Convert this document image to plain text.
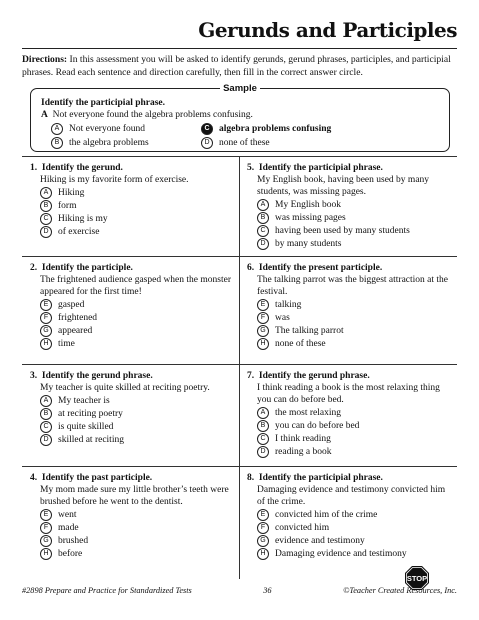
Gerunds and Participles
Directions: In this assessment you will be asked to identify gerunds, gerund phrases, participles, and participial phrases. Read each sentence and direction carefully, then fill in the correct answer circle.
Sample
Identify the participial phrase.
A Not everyone found the algebra problems confusing.
A Not everyone found	C algebra problems confusing
B the algebra problems	D none of these
1. Identify the gerund.
Hiking is my favorite form of exercise.
A Hiking
B form
C Hiking is my
D of exercise
2. Identify the participle.
The frightened audience gasped when the monster appeared for the first time!
E gasped
F frightened
G appeared
H time
3. Identify the gerund phrase.
My teacher is quite skilled at reciting poetry.
A My teacher is
B at reciting poetry
C is quite skilled
D skilled at reciting
4. Identify the past participle.
My mom made sure my little brother’s teeth were brushed before he went to the dentist.
E went
F made
G brushed
H before
5. Identify the participial phrase.
My English book, having been used by many students, was missing pages.
A My English book
B was missing pages
C having been used by many students
D by many students
6. Identify the present participle.
The talking parrot was the biggest attraction at the festival.
E talking
F was
G The talking parrot
H none of these
7. Identify the gerund phrase.
I think reading a book is the most relaxing thing you can do before bed.
A the most relaxing
B you can do before bed
C I think reading
D reading a book
8. Identify the participial phrase.
Damaging evidence and testimony convicted him of the crime.
E convicted him of the crime
F convicted him
G evidence and testimony
H Damaging evidence and testimony
STOP
#2898 Prepare and Practice for Standardized Tests	36	©Teacher Created Resources, Inc.
